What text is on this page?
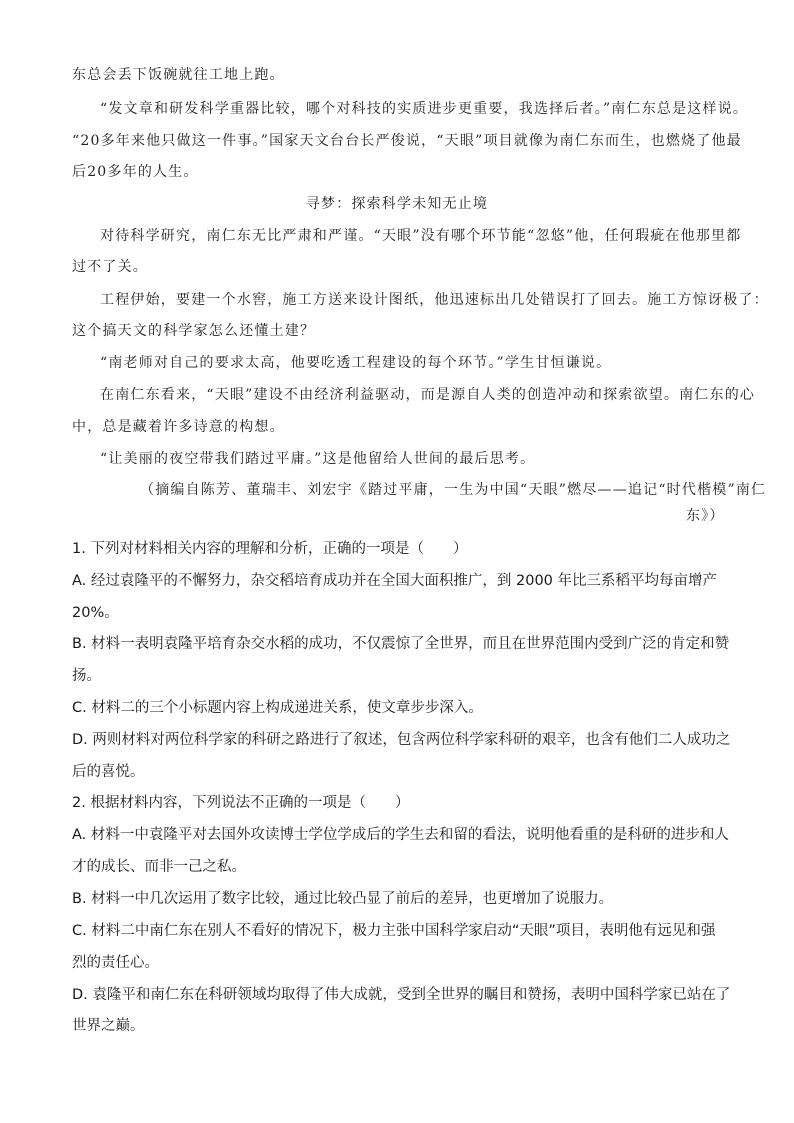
东总会丢下饭碗就往工地上跑。
“发文章和研发科学重器比较，哪个对科技的实质进步更重要，我选择后者。”南仁东总是这样说。
“20多年来他只做这一件事。”国家天文台台长严俊说，“天眼”项目就像为南仁东而生，也燃烧了他最
后20多年的人生。
寻梦：探索科学未知无止境
对待科学研究，南仁东无比严肃和严谨。“天眼”没有哪个环节能“忽悠”他，任何瑕疵在他那里都
过不了关。
工程伊始，要建一个水窖，施工方送来设计图纸，他迅速标出几处错误打了回去。施工方惊讶极了：
这个搞天文的科学家怎么还懂土建？
“南老师对自己的要求太高，他要吃透工程建设的每个环节。”学生甘恒谦说。
在南仁东看来，“天眼”建设不由经济利益驱动，而是源自人类的创造冲动和探索欲望。南仁东的心
中，总是藏着许多诗意的构想。
“让美丽的夜空带我们踏过平庸。”这是他留给人世间的最后思考。
（摘编自陈芳、董瑞丰、刘宏宇《踏过平庸，一生为中国“天眼”燃尽——追记“时代楷模”南仁
东》）
1. 下列对材料相关内容的理解和分析，正确的一项是（　　）
A. 经过袁隆平的不懈努力，杂交稻培育成功并在全国大面积推广，到 2000 年比三系稻平均每亩增产
20%。
B. 材料一表明袁隆平培育杂交水稻的成功，不仅震惊了全世界，而且在世界范围内受到广泛的肯定和赞
扬。
C. 材料二的三个小标题内容上构成递进关系，使文章步步深入。
D. 两则材料对两位科学家的科研之路进行了叙述，包含两位科学家科研的艰辛，也含有他们二人成功之
后的喜悦。
2. 根据材料内容，下列说法不正确的一项是（　　）
A. 材料一中袁隆平对去国外攻读博士学位学成后的学生去和留的看法，说明他看重的是科研的进步和人
才的成长、而非一己之私。
B. 材料一中几次运用了数字比较，通过比较凸显了前后的差异，也更增加了说服力。
C. 材料二中南仁东在别人不看好的情况下，极力主张中国科学家启动“天眼”项目，表明他有远见和强
烈的责任心。
D. 袁隆平和南仁东在科研领域均取得了伟大成就，受到全世界的瞩目和赞扬，表明中国科学家已站在了
世界之巅。
